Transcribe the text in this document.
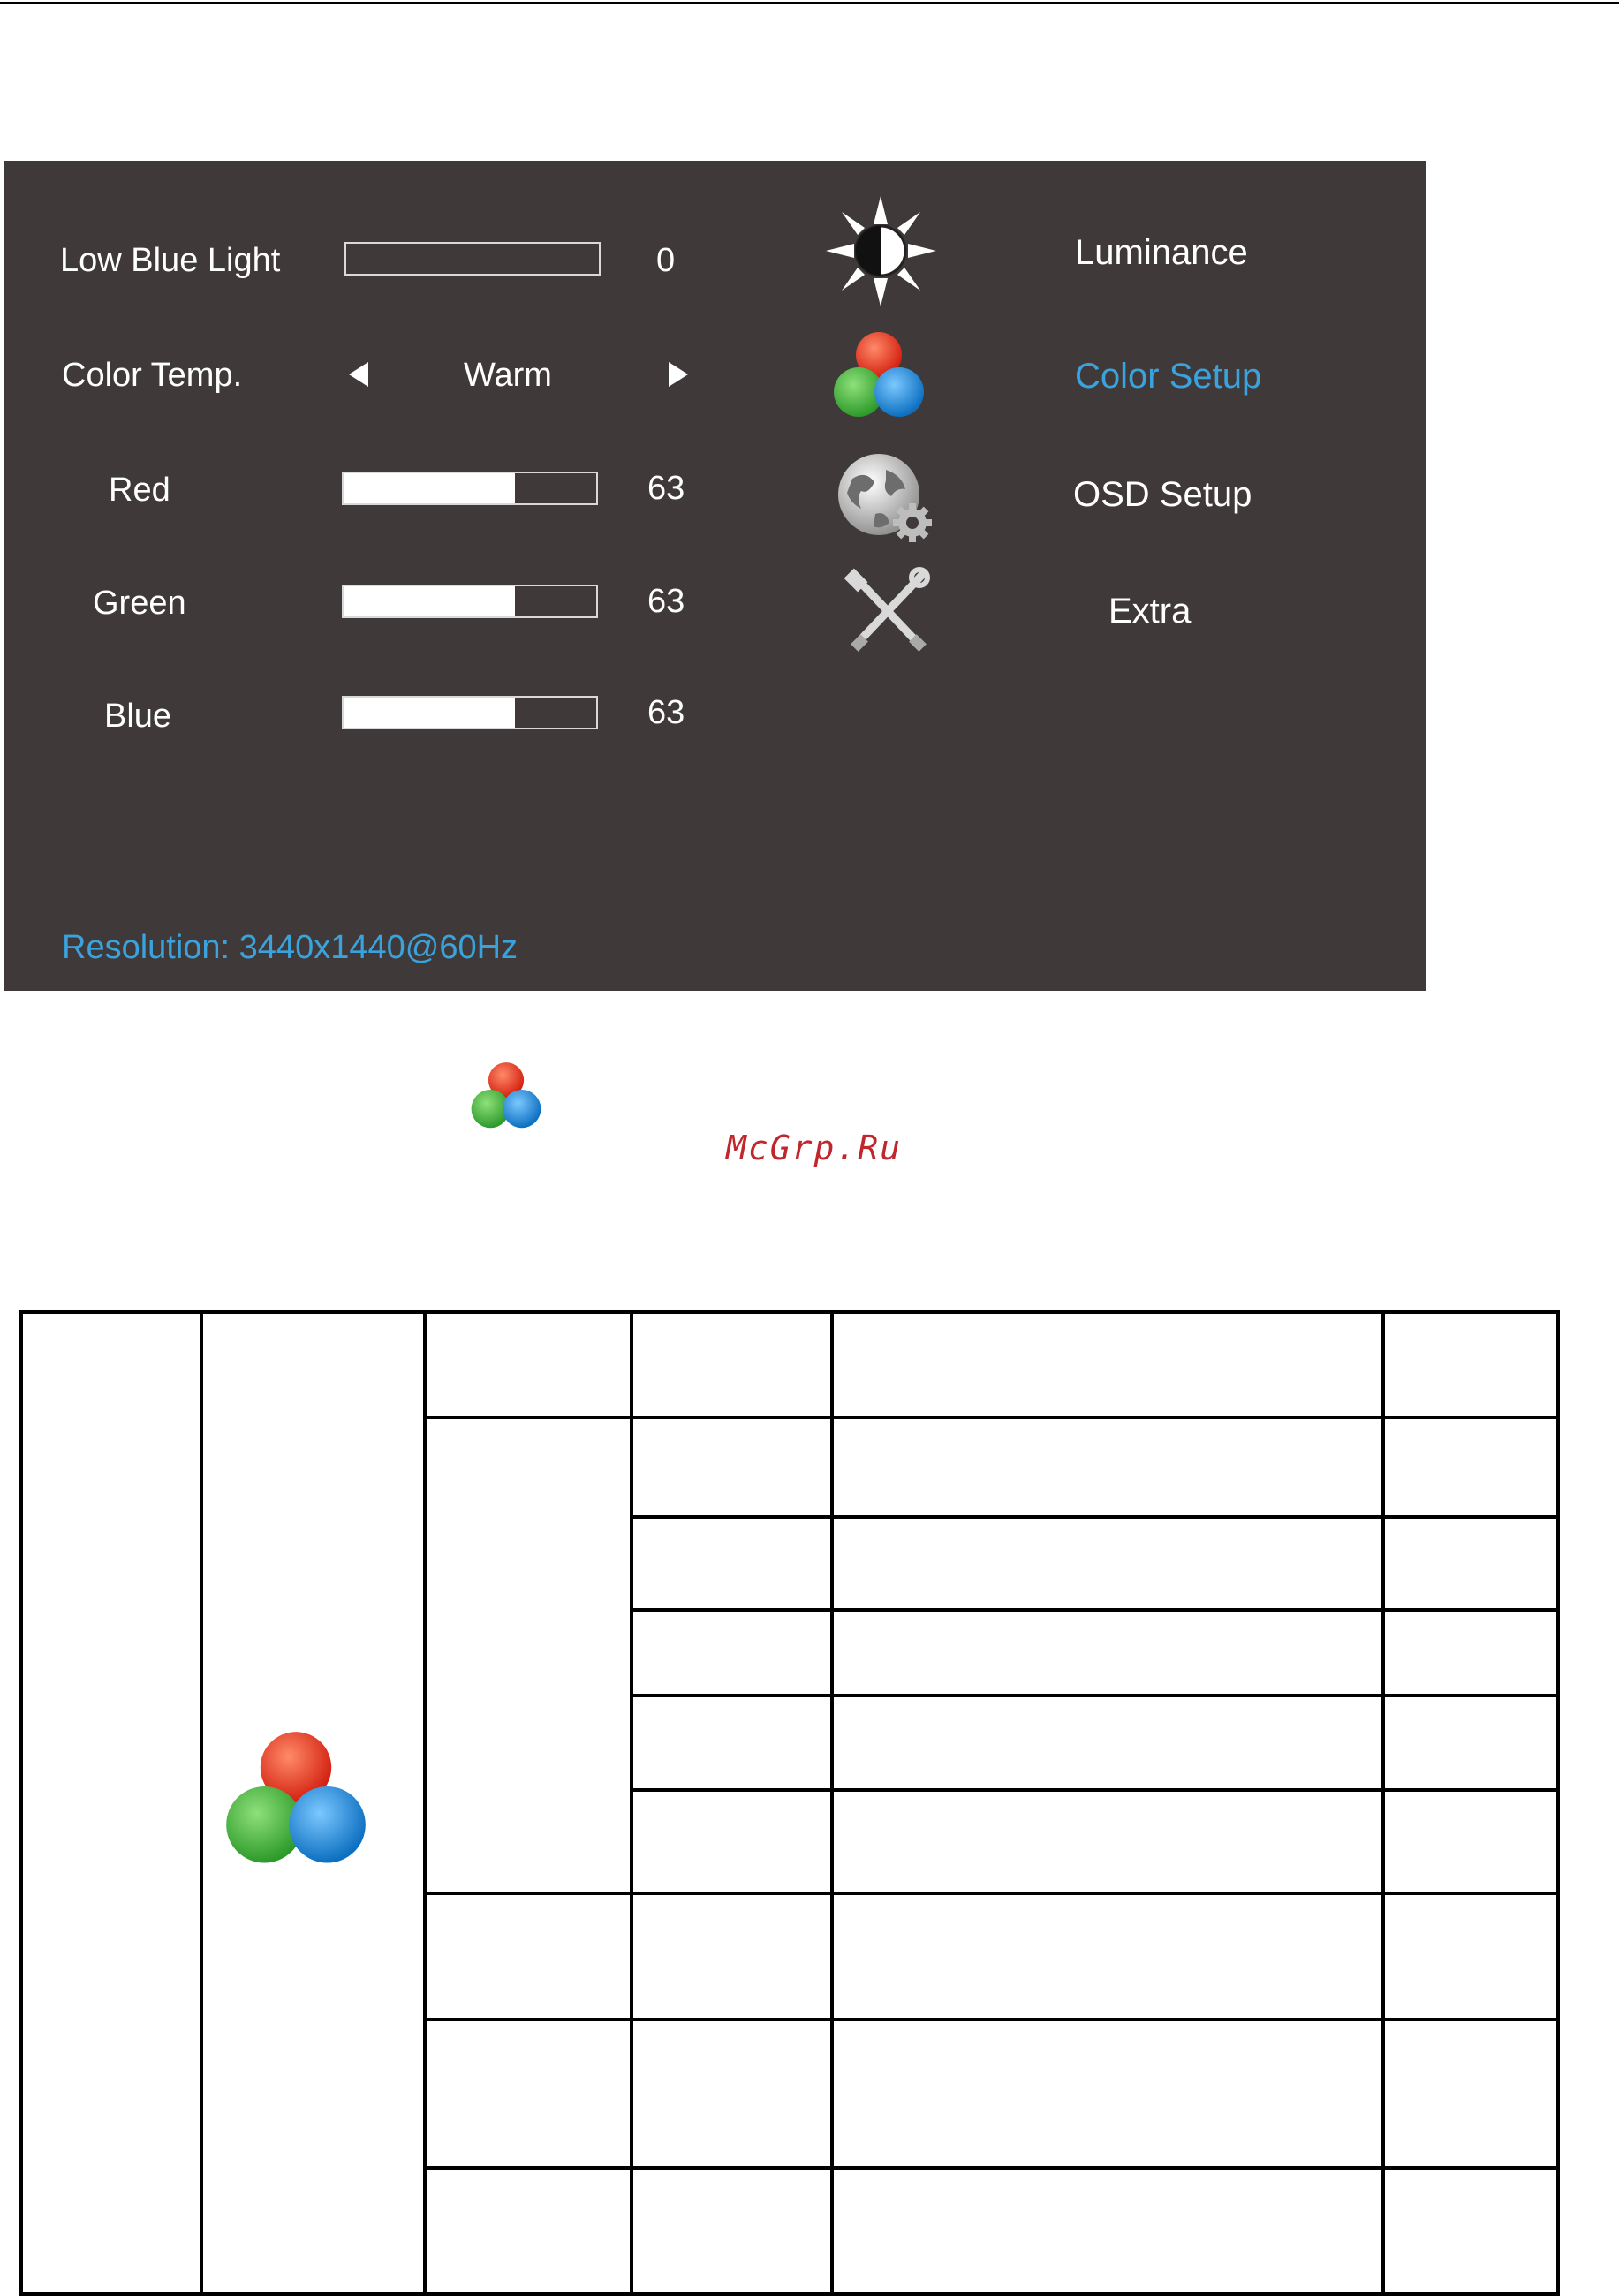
Low Blue Light	0
Color Temp.	Warm
Red	63
Green	63
Blue	63
Luminance
Color Setup
OSD Setup
Extra
Resolution: 3440x1440@60Hz
McGrp.Ru
